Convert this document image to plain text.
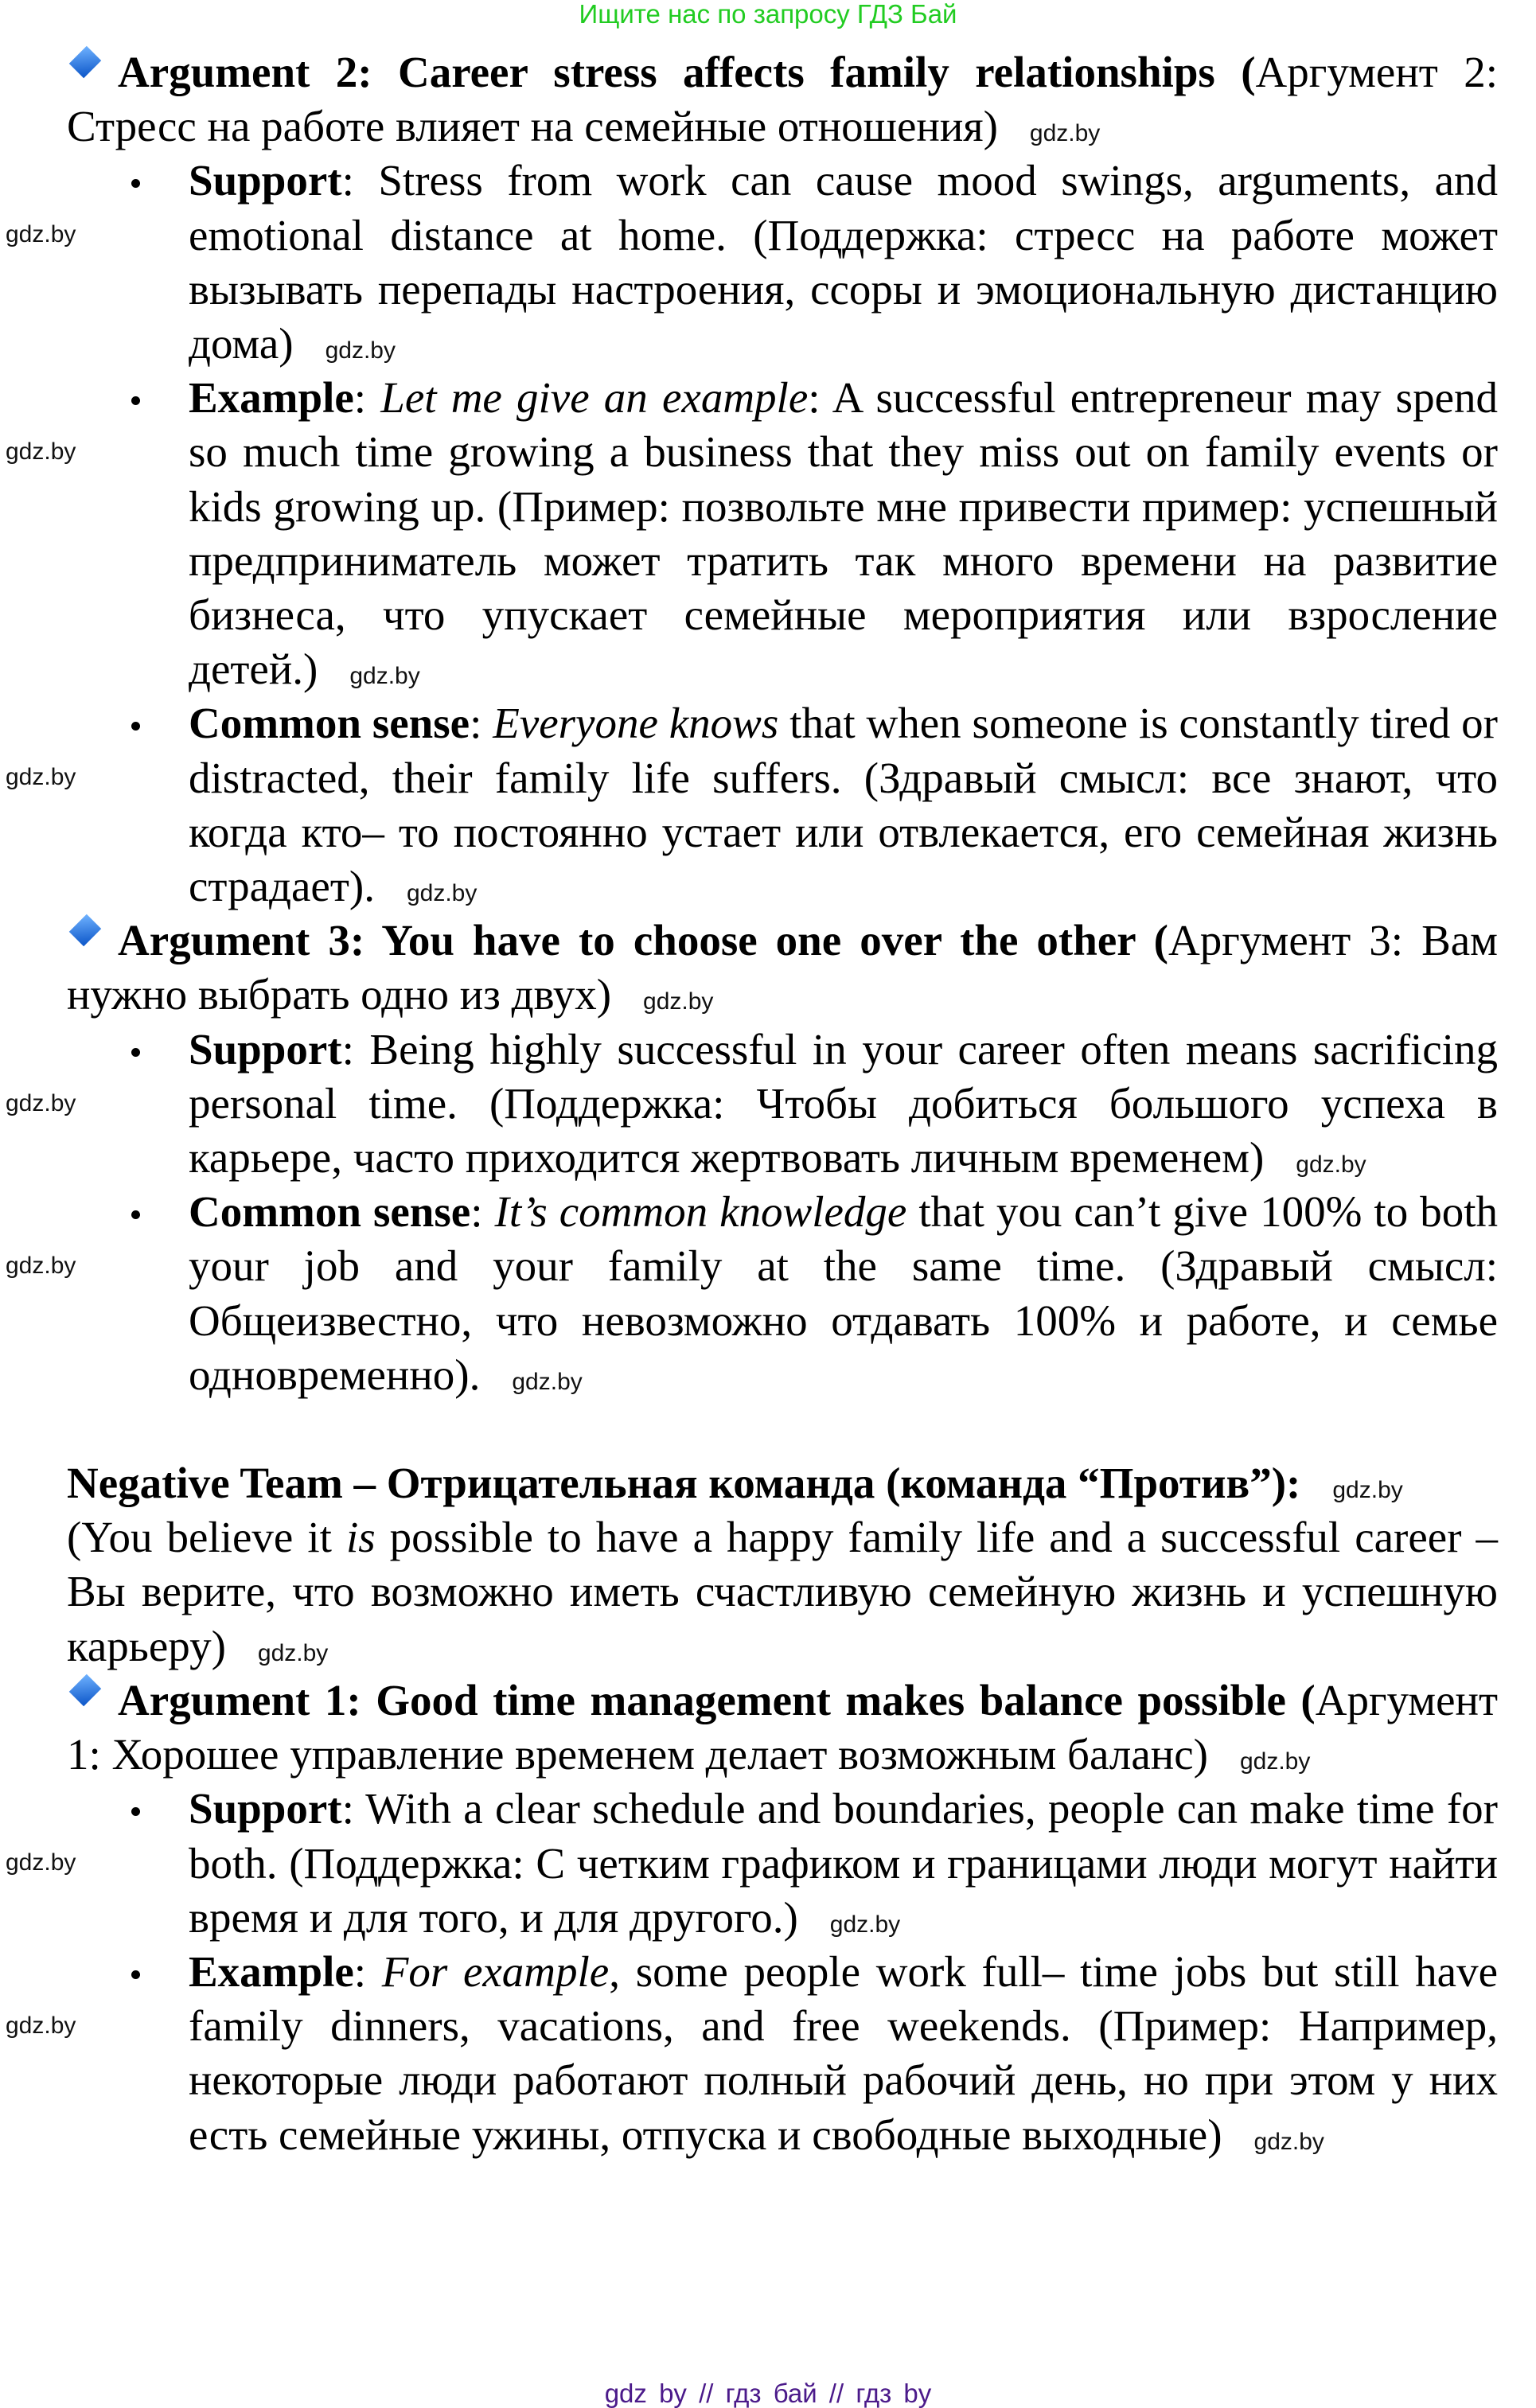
Ищите нас по запросу ГДЗ Бай

Argument 2: Career stress affects family relationships (Аргумент 2: Стресс на работе влияет на семейные отношения) gdz.by

Support: Stress from work can cause mood swings, arguments, and emotional distance at home. (Поддержка: стресс на работе может вызывать перепады настроения, ссоры и эмоциональную дистанцию дома) gdz.by
gdz.by
Example: Let me give an example: A successful entrepreneur may spend so much time growing a business that they miss out on family events or kids growing up. (Пример: позвольте мне привести пример: успешный предприниматель может тратить так много времени на развитие бизнеса, что упускает семейные мероприятия или взросление детей.) gdz.by
gdz.by
Common sense: Everyone knows that when someone is constantly tired or distracted, their family life suffers. (Здравый смысл: все знают, что когда кто– то постоянно устает или отвлекается, его семейная жизнь страдает). gdz.by
gdz.by

Argument 3: You have to choose one over the other (Аргумент 3: Вам нужно выбрать одно из двух) gdz.by

Support: Being highly successful in your career often means sacrificing personal time. (Поддержка: Чтобы добиться большого успеха в карьере, часто приходится жертвовать личным временем) gdz.by
gdz.by
Common sense: It’s common knowledge that you can’t give 100% to both your job and your family at the same time. (Здравый смысл: Общеизвестно, что невозможно отдавать 100% и работе, и семье одновременно). gdz.by
gdz.by

Negative Team – Отрицательная команда (команда “Против”): gdz.by

(You believe it is possible to have a happy family life and a successful career – Вы верите, что возможно иметь счастливую семейную жизнь и успешную карьеру) gdz.by

Argument 1: Good time management makes balance possible (Аргумент 1: Хорошее управление временем делает возможным баланс) gdz.by

Support: With a clear schedule and boundaries, people can make time for both. (Поддержка: С четким графиком и границами люди могут найти время и для того, и для другого.) gdz.by
gdz.by
Example: For example, some people work full– time jobs but still have family dinners, vacations, and free weekends. (Пример: Например, некоторые люди работают полный рабочий день, но при этом у них есть семейные ужины, отпуска и свободные выходные) gdz.by
gdz.by
gdz by // гдз бай // гдз by
